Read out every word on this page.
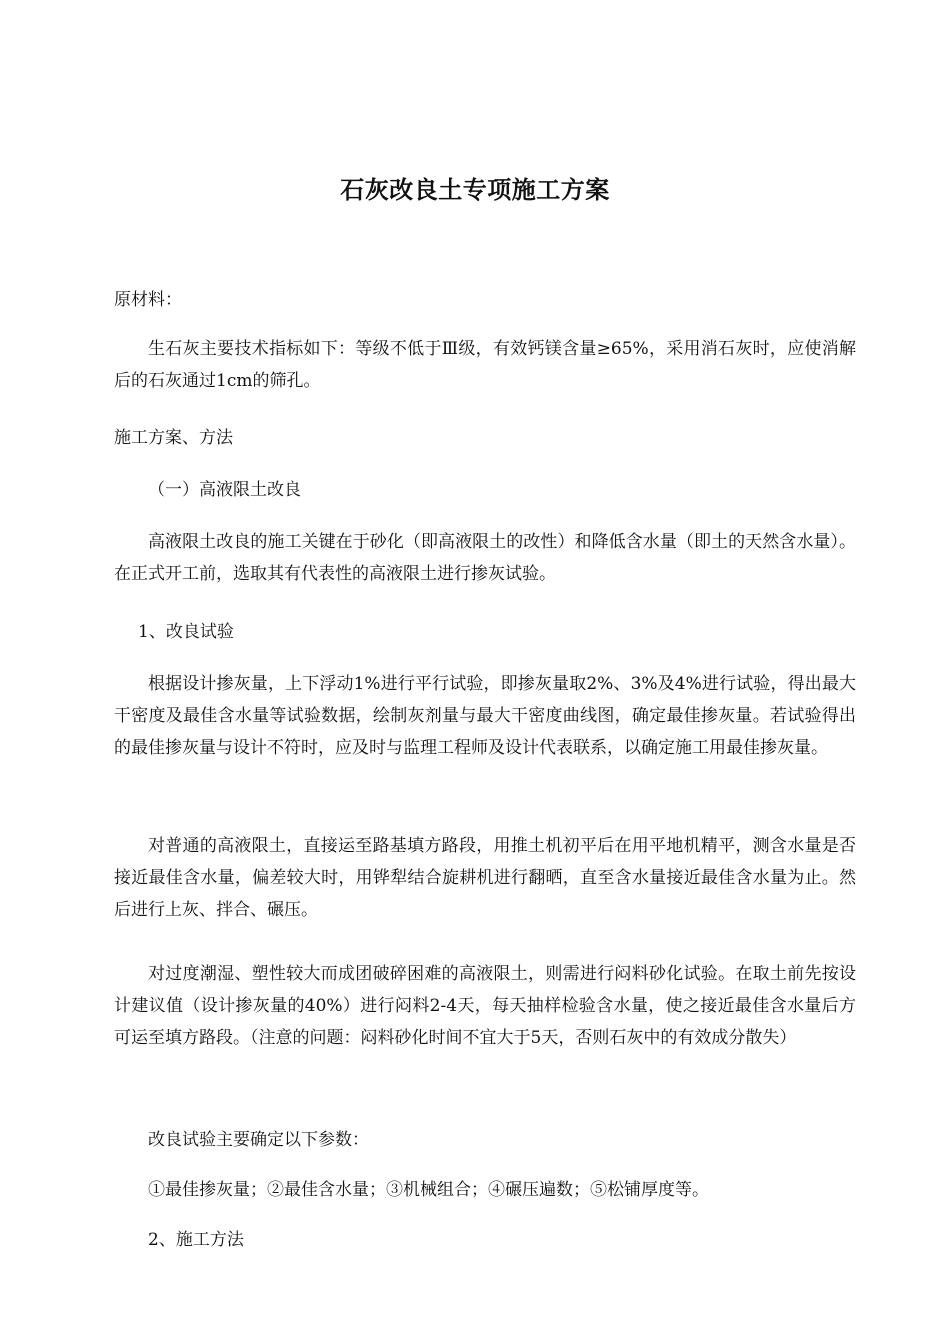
石灰改良土专项施工方案

原材料：

生石灰主要技术指标如下：等级不低于Ⅲ级，有效钙镁含量≥65%，采用消石灰时，应使消解后的石灰通过1cm的筛孔。

施工方案、方法

（一）高液限土改良

高液限土改良的施工关键在于砂化（即高液限土的改性）和降低含水量（即土的天然含水量）。在正式开工前，选取其有代表性的高液限土进行掺灰试验。

1、改良试验

根据设计掺灰量，上下浮动1%进行平行试验，即掺灰量取2%、3%及4%进行试验，得出最大干密度及最佳含水量等试验数据，绘制灰剂量与最大干密度曲线图，确定最佳掺灰量。若试验得出的最佳掺灰量与设计不符时，应及时与监理工程师及设计代表联系，以确定施工用最佳掺灰量。

对普通的高液限土，直接运至路基填方路段，用推土机初平后在用平地机精平，测含水量是否接近最佳含水量，偏差较大时，用铧犁结合旋耕机进行翻晒，直至含水量接近最佳含水量为止。然后进行上灰、拌合、碾压。

对过度潮湿、塑性较大而成团破碎困难的高液限土，则需进行闷料砂化试验。在取土前先按设计建议值（设计掺灰量的40%）进行闷料2-4天，每天抽样检验含水量，使之接近最佳含水量后方可运至填方路段。（注意的问题：闷料砂化时间不宜大于5天，否则石灰中的有效成分散失）

改良试验主要确定以下参数：

①最佳掺灰量；②最佳含水量；③机械组合；④碾压遍数；⑤松铺厚度等。

2、施工方法
